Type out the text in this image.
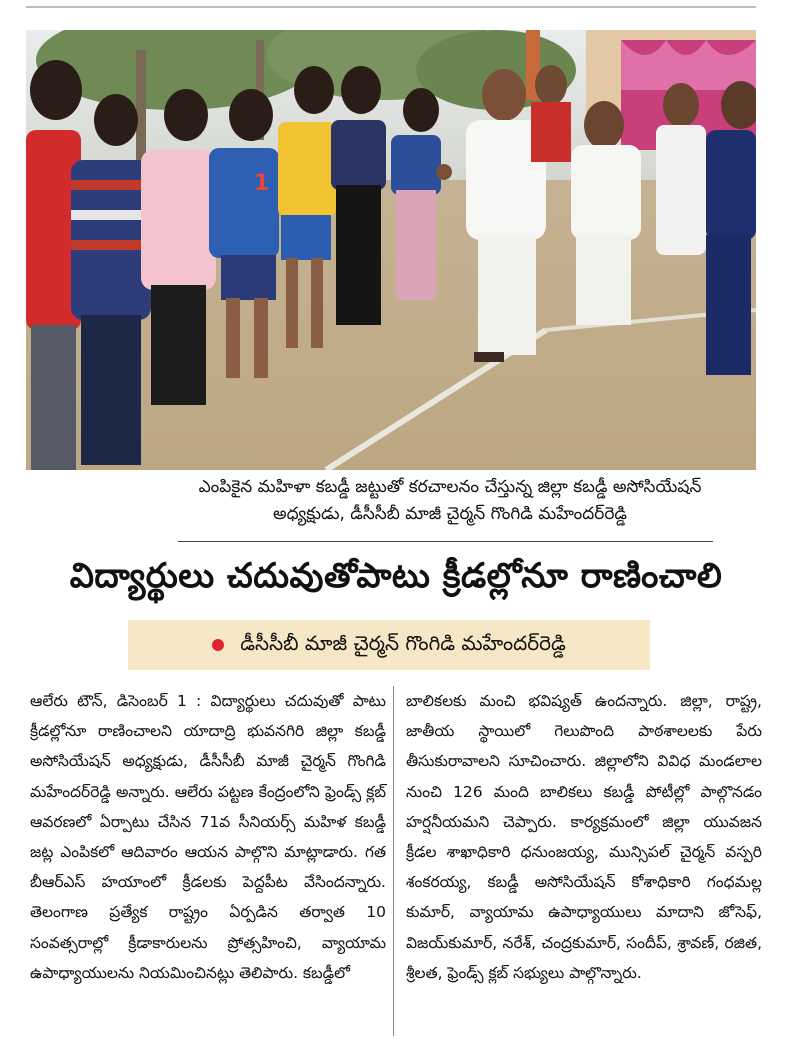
1
ఎంపికైన మహిళా కబడ్డీ జట్టుతో కరచాలనం చేస్తున్న జిల్లా కబడ్డీ అసోసియేషన్
అధ్యక్షుడు, డీసీసీబీ మాజీ చైర్మన్ గొంగిడి మహేందర్‌రెడ్డి
విద్యార్థులు చదువుతోపాటు క్రీడల్లోనూ రాణించాలి
డీసీసీబీ మాజీ చైర్మన్ గొంగిడి మహేందర్‌రెడ్డి
ఆలేరు టౌన్, డిసెంబర్ 1 : విద్యార్థులు చదువుతో పాటు క్రీడల్లోనూ రాణించాలని యాదాద్రి భువనగిరి జిల్లా కబడ్డీ అసోసియేషన్ అధ్యక్షుడు, డీసీసీబీ మాజీ చైర్మన్ గొంగిడి మహేందర్‌రెడ్డి అన్నారు. ఆలేరు పట్టణ కేంద్రంలోని ఫ్రెండ్స్ క్లబ్ ఆవరణలో ఏర్పాటు చేసిన 71వ సీనియర్స్ మహిళ కబడ్డీ జట్ల ఎంపికలో ఆదివారం ఆయన పాల్గొని మాట్లాడారు. గత బీఆర్ఎస్ హయాంలో క్రీడలకు పెద్దపీట వేసిందన్నారు. తెలంగాణ ప్రత్యేక రాష్ట్రం ఏర్పడిన తర్వాత 10 సంవత్సరాల్లో క్రీడాకారులను ప్రోత్సహించి, వ్యాయామ ఉపాధ్యాయులను నియమించినట్లు తెలిపారు. కబడ్డీలో
బాలికలకు మంచి భవిష్యత్ ఉందన్నారు. జిల్లా, రాష్ట్ర, జాతీయ స్థాయిలో గెలుపొంది పాఠశాలలకు పేరు తీసుకురావాలని సూచించారు. జిల్లాలోని వివిధ మండలాల నుంచి 126 మంది బాలికలు కబడ్డీ పోటీల్లో పాల్గొనడం హర్షనీయమని చెప్పారు. కార్యక్రమంలో జిల్లా యువజన క్రీడల శాఖాధికారి ధనుంజయ్య, మున్సిపల్ చైర్మన్ వస్పరి శంకరయ్య, కబడ్డీ అసోసియేషన్ కోశాధికారి గంధమల్ల కుమార్, వ్యాయామ ఉపాధ్యాయులు మాదాని జోసెఫ్, విజయ్‌కుమార్, నరేశ్, చంద్రకుమార్, సందీప్, శ్రావణ్, రజిత, శ్రీలత, ఫ్రెండ్స్ క్లబ్ సభ్యులు పాల్గొన్నారు.
